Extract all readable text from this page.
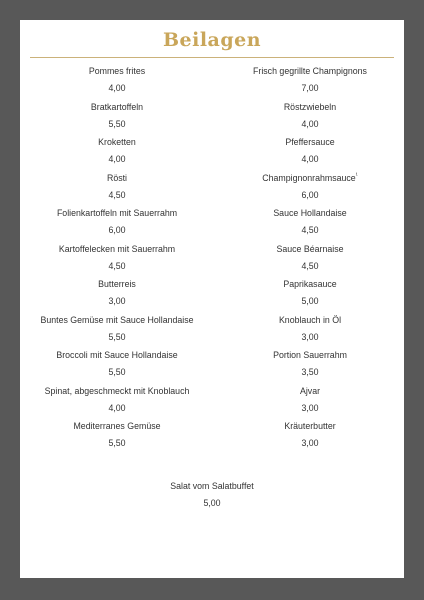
Beilagen
Pommes frites
4,00
Bratkartoffeln
5,50
Kroketten
4,00
Rösti
4,50
Folienkartoffeln mit Sauerrahm
6,00
Kartoffelecken mit Sauerrahm
4,50
Butterreis
3,00
Buntes Gemüse mit Sauce Hollandaise
5,50
Broccoli mit Sauce Hollandaise
5,50
Spinat, abgeschmeckt mit Knoblauch
4,00
Mediterranes Gemüse
5,50
Frisch gegrillte Champignons
7,00
Röstzwiebeln
4,00
Pfeffersauce
4,00
Champignonrahmsauce$^{^1}$
6,00
Sauce Hollandaise
4,50
Sauce Béarnaise
4,50
Paprikasauce
5,00
Knoblauch in Öl
3,00
Portion Sauerrahm
3,50
Ajvar
3,00
Kräuterbutter
3,00
Salat vom Salatbuffet
5,00
